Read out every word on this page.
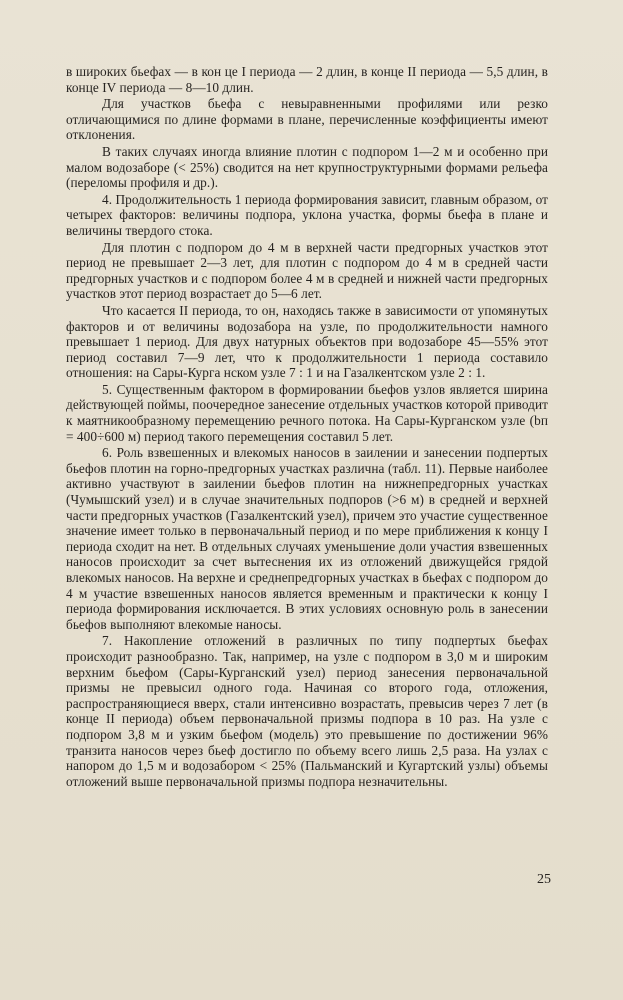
в широких бьефах — в кон це I периода — 2 длин, в конце II периода — 5,5 длин, в конце IV периода — 8—10 длин.

Для участков бьефа с невыравненными профилями или резко отличающимися по длине формами в плане, перечисленные коэффициенты имеют отклонения.

В таких случаях иногда влияние плотин с подпором 1—2 м и особенно при малом водозаборе (< 25%) сводится на нет крупноструктурными формами рельефа (переломы профиля и др.).

4. Продолжительность 1 периода формирования зависит, главным образом, от четырех факторов: величины подпора, уклона участка, формы бьефа в плане и величины твердого стока.

Для плотин с подпором до 4 м в верхней части предгорных участков этот период не превышает 2—3 лет, для плотин с подпором до 4 м в средней части предгорных участков и с подпором более 4 м в средней и нижней части предгорных участков этот период возрастает до 5—6 лет.

Что касается II периода, то он, находясь также в зависимости от упомянутых факторов и от величины водозабора на узле, по продолжительности намного превышает 1 период. Для двух натурных объектов при водозаборе 45—55% этот период составил 7—9 лет, что к продолжительности 1 периода составило отношения: на Сары-Курга нском узле 7 : 1 и на Газалкентском узле 2 : 1.

5. Существенным фактором в формировании бьефов узлов является ширина действующей поймы, поочередное занесение отдельных участков которой приводит к маятникообразному перемещению речного потока. На Сары-Курганском узле (bп = 400÷600 м) период такого перемещения составил 5 лет.

6. Роль взвешенных и влекомых наносов в заилении и занесении подпертых бьефов плотин на горно-предгорных участках различна (табл. 11). Первые наиболее активно участвуют в заилении бьефов плотин на нижнепредгорных участках (Чумышский узел) и в случае значительных подпоров (>6 м) в средней и верхней части предгорных участков (Газалкентский узел), причем это участие существенное значение имеет только в первоначальный период и по мере приближения к концу I периода сходит на нет. В отдельных случаях уменьшение доли участия взвешенных наносов происходит за счет вытеснения их из отложений движущейся грядой влекомых наносов. На верхне и среднепредгорных участках в бьефах с подпором до 4 м участие взвешенных наносов является временным и практически к концу I периода формирования исключается. В этих условиях основную роль в занесении бьефов выполняют влекомые наносы.

7. Накопление отложений в различных по типу подпертых бьефах происходит разнообразно. Так, например, на узле с подпором в 3,0 м и широким верхним бьефом (Сары-Курганский узел) период занесения первоначальной призмы не превысил одного года. Начиная со второго года, отложения, распространяющиеся вверх, стали интенсивно возрастать, превысив через 7 лет (в конце II периода) объем первоначальной призмы подпора в 10 раз. На узле с подпором 3,8 м и узким бьефом (модель) это превышение по достижении 96% транзита наносов через бьеф достигло по объему всего лишь 2,5 раза. На узлах с напором до 1,5 м и водозабором < 25% (Пальманский и Кугартский узлы) объемы отложений выше первоначальной призмы подпора незначительны.

25
